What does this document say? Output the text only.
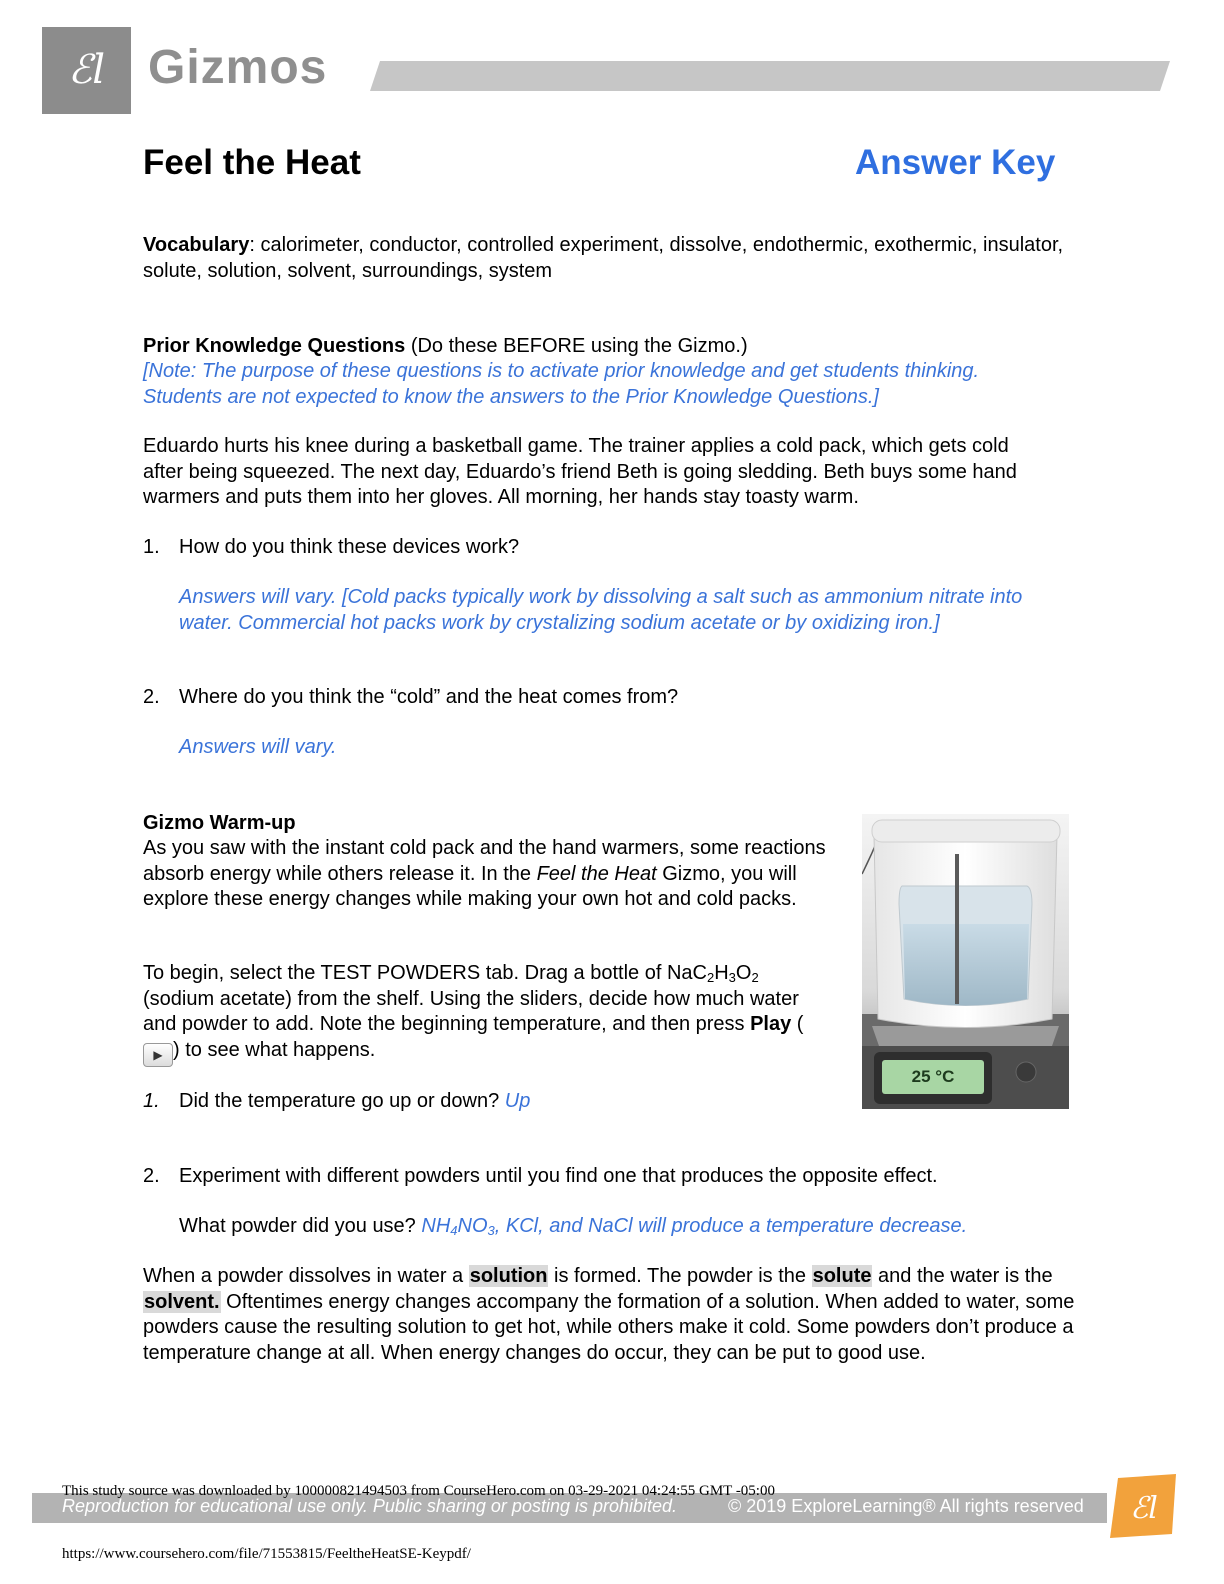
ℰl Gizmos
Feel the Heat	Answer Key
Vocabulary: calorimeter, conductor, controlled experiment, dissolve, endothermic, exothermic, insulator, solute, solution, solvent, surroundings, system
Prior Knowledge Questions (Do these BEFORE using the Gizmo.)
[Note: The purpose of these questions is to activate prior knowledge and get students thinking. Students are not expected to know the answers to the Prior Knowledge Questions.]
Eduardo hurts his knee during a basketball game. The trainer applies a cold pack, which gets cold after being squeezed. The next day, Eduardo’s friend Beth is going sledding. Beth buys some hand warmers and puts them into her gloves. All morning, her hands stay toasty warm.
1. How do you think these devices work?
Answers will vary. [Cold packs typically work by dissolving a salt such as ammonium nitrate into water. Commercial hot packs work by crystalizing sodium acetate or by oxidizing iron.]
2. Where do you think the “cold” and the heat comes from?
Answers will vary.
Gizmo Warm-up
As you saw with the instant cold pack and the hand warmers, some reactions absorb energy while others release it. In the Feel the Heat Gizmo, you will explore these energy changes while making your own hot and cold packs.
To begin, select the TEST POWDERS tab. Drag a bottle of $NaC_2H_3O_2$ (sodium acetate) from the shelf. Using the sliders, decide how much water and powder to add. Note the beginning temperature, and then press Play (▶ ) to see what happens.
25 °C
1. Did the temperature go up or down? Up
2. Experiment with different powders until you find one that produces the opposite effect.
What powder did you use? $NH_4NO_3$, KCl, and NaCl will produce a temperature decrease.
When a powder dissolves in water a solution is formed. The powder is the solute and the water is the solvent. Oftentimes energy changes accompany the formation of a solution. When added to water, some powders cause the resulting solution to get hot, while others make it cold. Some powders don’t produce a temperature change at all. When energy changes do occur, they can be put to good use.
Reproduction for educational use only. Public sharing or posting is prohibited.	© 2019 ExploreLearning® All rights reserved
This study source was downloaded by 100000821494503 from CourseHero.com on 03-29-2021 04:24:55 GMT -05:00	ℰl
https://www.coursehero.com/file/71553815/FeeltheHeatSE-Keypdf/
